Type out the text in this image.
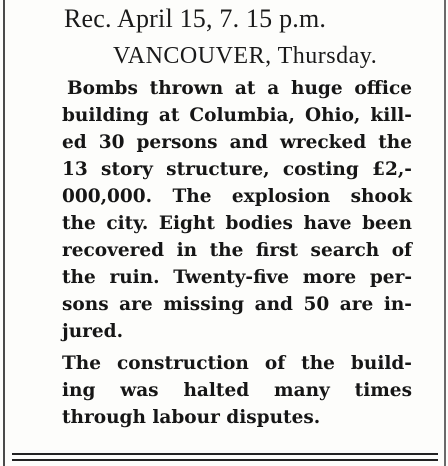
Rec. April 15, 7. 15 p.m.
VANCOUVER, Thursday.
Bombs thrown at a huge office
building at Columbia, Ohio, kill-
ed 30 persons and wrecked the
13 story structure, costing £2,-
000,000. The explosion shook
the city. Eight bodies have been
recovered in the first search of
the ruin. Twenty-five more per-
sons are missing and 50 are in-
jured.
The construction of the build-
ing was halted many times
through labour disputes.
